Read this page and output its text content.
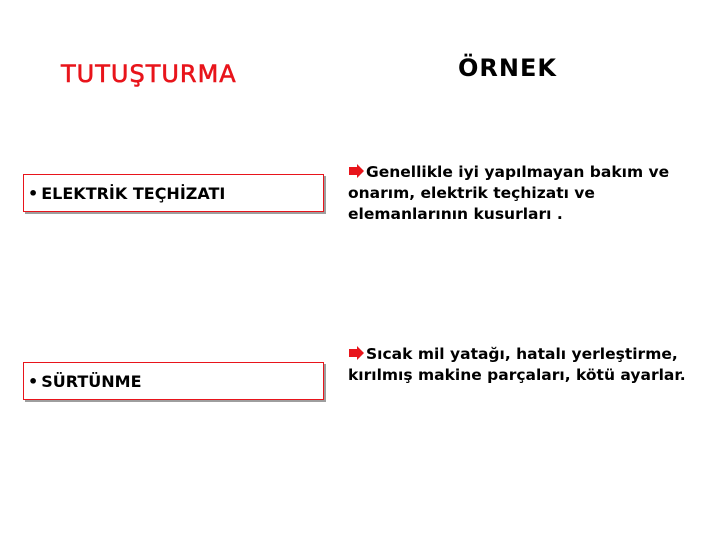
TUTUŞTURMA	ÖRNEK
• ELEKTRİK TEÇHİZATI
Genellikle iyi yapılmayan bakım ve onarım, elektrik teçhizatı ve elemanlarının kusurları .
• SÜRTÜNME
Sıcak mil yatağı, hatalı yerleştirme, kırılmış makine parçaları, kötü ayarlar.
